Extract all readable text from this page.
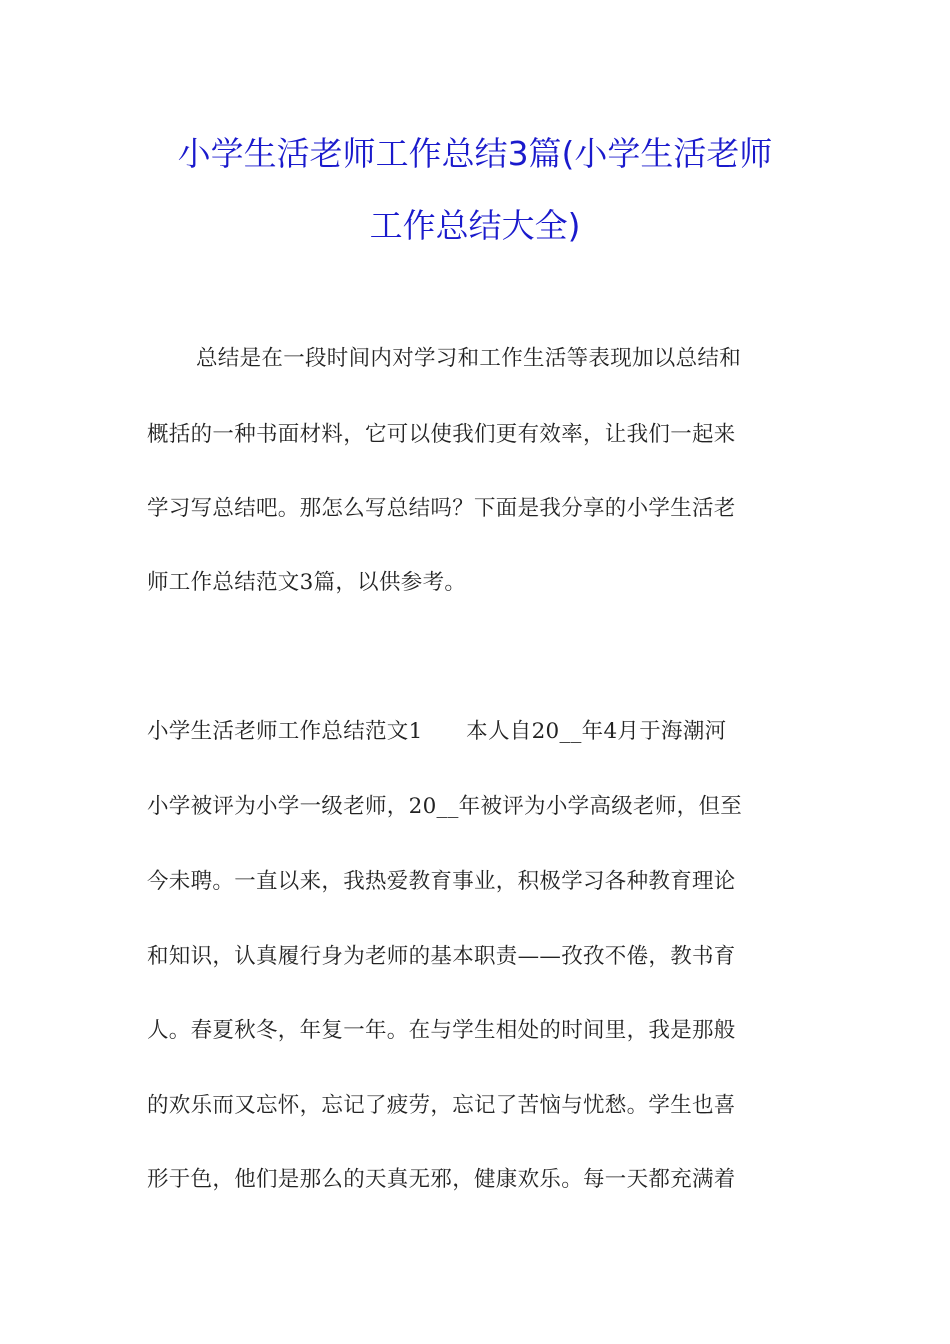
小学生活老师工作总结3篇(小学生活老师
工作总结大全)
总结是在一段时间内对学习和工作生活等表现加以总结和
概括的一种书面材料，它可以使我们更有效率，让我们一起来
学习写总结吧。那怎么写总结吗？下面是我分享的小学生活老
师工作总结范文3篇，以供参考。
小学生活老师工作总结范文1　　本人自20__年4月于海潮河
小学被评为小学一级老师，20__年被评为小学高级老师，但至
今未聘。一直以来，我热爱教育事业，积极学习各种教育理论
和知识，认真履行身为老师的基本职责——孜孜不倦，教书育
人。春夏秋冬，年复一年。在与学生相处的时间里，我是那般
的欢乐而又忘怀，忘记了疲劳，忘记了苦恼与忧愁。学生也喜
形于色，他们是那么的天真无邪，健康欢乐。每一天都充满着
